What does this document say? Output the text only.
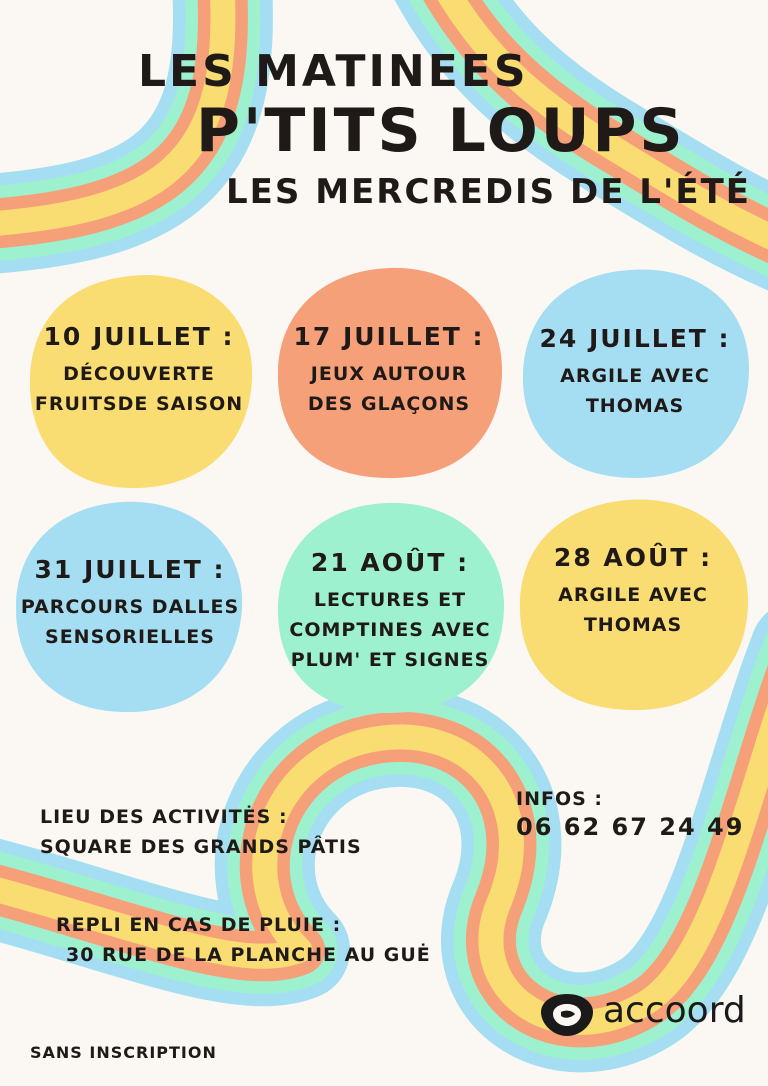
LES MATINEES
P'TITS LOUPS
LES MERCREDIS DE L'ÉTÉ
10 JUILLET :
DÉCOUVERTE
FRUITSDE SAISON
17 JUILLET :
JEUX AUTOUR
DES GLAÇONS
24 JUILLET :
ARGILE AVEC
THOMAS
31 JUILLET :
PARCOURS DALLES
SENSORIELLES
21 AOÛT :
LECTURES ET
COMPTINES AVEC
PLUM' ET SIGNES
28 AOÛT :
ARGILE AVEC
THOMAS
LIEU DES ACTIVITĖS :
SQUARE DES GRANDS PÂTIS
INFOS :
06 62 67 24 49
REPLI EN CAS DE PLUIE :
30 RUE DE LA PLANCHE AU GUĖ
SANS INSCRIPTION
accoord
